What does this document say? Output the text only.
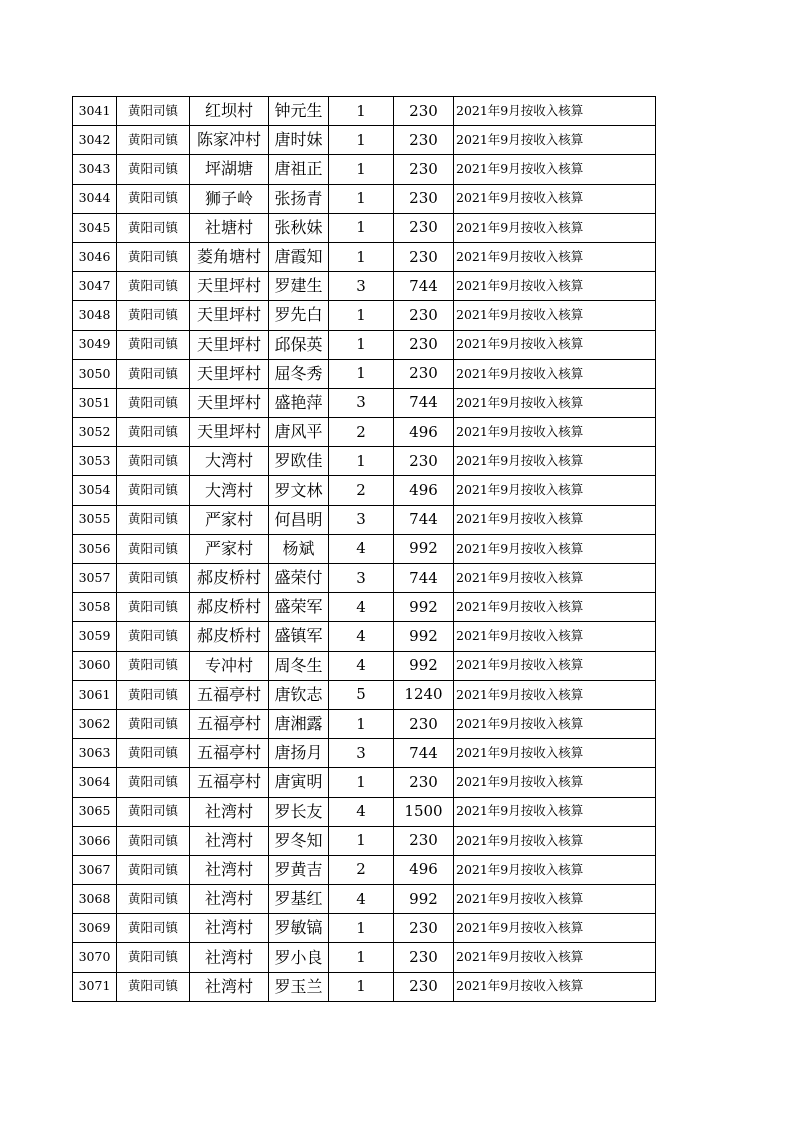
3041	黄阳司镇	红坝村	钟元生	1	230	2021年9月按收入核算
3042	黄阳司镇	陈家冲村	唐时妹	1	230	2021年9月按收入核算
3043	黄阳司镇	坪湖塘	唐祖正	1	230	2021年9月按收入核算
3044	黄阳司镇	狮子岭	张扬青	1	230	2021年9月按收入核算
3045	黄阳司镇	社塘村	张秋妹	1	230	2021年9月按收入核算
3046	黄阳司镇	菱角塘村	唐霞知	1	230	2021年9月按收入核算
3047	黄阳司镇	天里坪村	罗建生	3	744	2021年9月按收入核算
3048	黄阳司镇	天里坪村	罗先白	1	230	2021年9月按收入核算
3049	黄阳司镇	天里坪村	邱保英	1	230	2021年9月按收入核算
3050	黄阳司镇	天里坪村	屈冬秀	1	230	2021年9月按收入核算
3051	黄阳司镇	天里坪村	盛艳萍	3	744	2021年9月按收入核算
3052	黄阳司镇	天里坪村	唐风平	2	496	2021年9月按收入核算
3053	黄阳司镇	大湾村	罗欧佳	1	230	2021年9月按收入核算
3054	黄阳司镇	大湾村	罗文林	2	496	2021年9月按收入核算
3055	黄阳司镇	严家村	何昌明	3	744	2021年9月按收入核算
3056	黄阳司镇	严家村	杨斌	4	992	2021年9月按收入核算
3057	黄阳司镇	郝皮桥村	盛荣付	3	744	2021年9月按收入核算
3058	黄阳司镇	郝皮桥村	盛荣军	4	992	2021年9月按收入核算
3059	黄阳司镇	郝皮桥村	盛镇军	4	992	2021年9月按收入核算
3060	黄阳司镇	专冲村	周冬生	4	992	2021年9月按收入核算
3061	黄阳司镇	五福亭村	唐钦志	5	1240	2021年9月按收入核算
3062	黄阳司镇	五福亭村	唐湘露	1	230	2021年9月按收入核算
3063	黄阳司镇	五福亭村	唐扬月	3	744	2021年9月按收入核算
3064	黄阳司镇	五福亭村	唐寅明	1	230	2021年9月按收入核算
3065	黄阳司镇	社湾村	罗长友	4	1500	2021年9月按收入核算
3066	黄阳司镇	社湾村	罗冬知	1	230	2021年9月按收入核算
3067	黄阳司镇	社湾村	罗黄吉	2	496	2021年9月按收入核算
3068	黄阳司镇	社湾村	罗基红	4	992	2021年9月按收入核算
3069	黄阳司镇	社湾村	罗敏镐	1	230	2021年9月按收入核算
3070	黄阳司镇	社湾村	罗小良	1	230	2021年9月按收入核算
3071	黄阳司镇	社湾村	罗玉兰	1	230	2021年9月按收入核算
